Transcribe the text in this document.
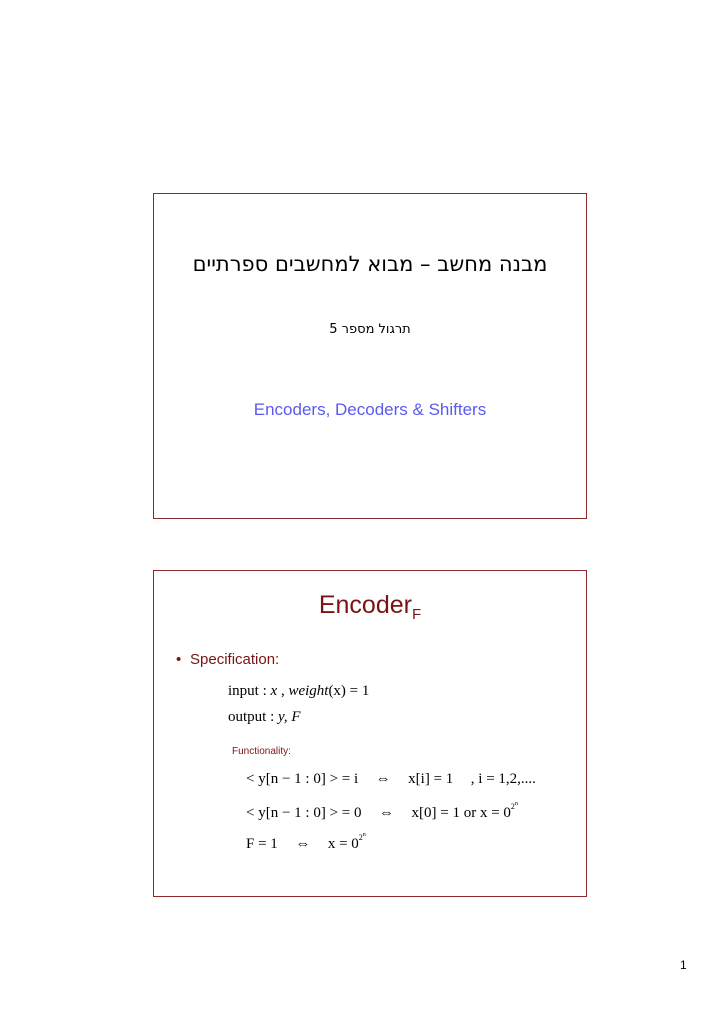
מבנה מחשב – מבוא למחשבים ספרתיים
תרגול מספר 5
Encoders, Decoders & Shifters
Encoder$_F$
• Specification:
input : x , weight(x) = 1
output : y, F
Functionality:
< y[n − 1 : 0] > = i ⇔ x[i] = 1 , i = 1,2,....
< y[n − 1 : 0] > = 0 ⇔ x[0] = 1 or $x = 0^{2^n}$
F = 1 ⇔ $x = 0^{2^n}$
1
